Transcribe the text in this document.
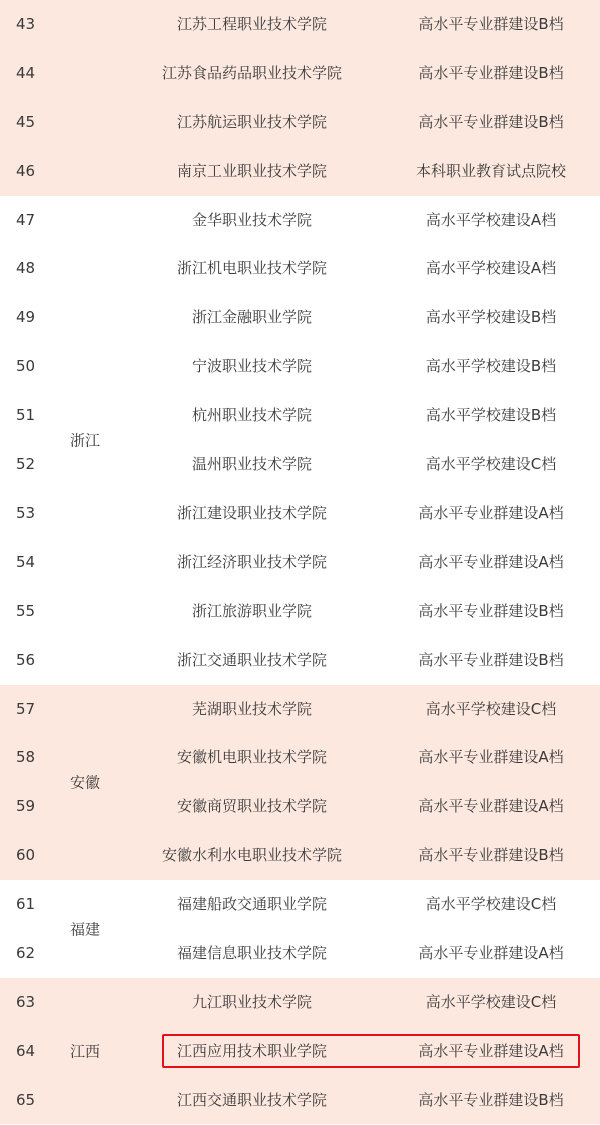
43	江苏工程职业技术学院	高水平专业群建设B档
44	江苏食品药品职业技术学院	高水平专业群建设B档
45	江苏航运职业技术学院	高水平专业群建设B档
46	南京工业职业技术学院	本科职业教育试点院校
浙江
47	金华职业技术学院	高水平学校建设A档
48	浙江机电职业技术学院	高水平学校建设A档
49	浙江金融职业学院	高水平学校建设B档
50	宁波职业技术学院	高水平学校建设B档
51	杭州职业技术学院	高水平学校建设B档
52	温州职业技术学院	高水平学校建设C档
53	浙江建设职业技术学院	高水平专业群建设A档
54	浙江经济职业技术学院	高水平专业群建设A档
55	浙江旅游职业学院	高水平专业群建设B档
56	浙江交通职业技术学院	高水平专业群建设B档
安徽
57	芜湖职业技术学院	高水平学校建设C档
58	安徽机电职业技术学院	高水平专业群建设A档
59	安徽商贸职业技术学院	高水平专业群建设A档
60	安徽水利水电职业技术学院	高水平专业群建设B档
福建
61	福建船政交通职业学院	高水平学校建设C档
62	福建信息职业技术学院	高水平专业群建设A档
江西
63	九江职业技术学院	高水平学校建设C档
64	江西应用技术职业学院	高水平专业群建设A档
65	江西交通职业技术学院	高水平专业群建设B档
